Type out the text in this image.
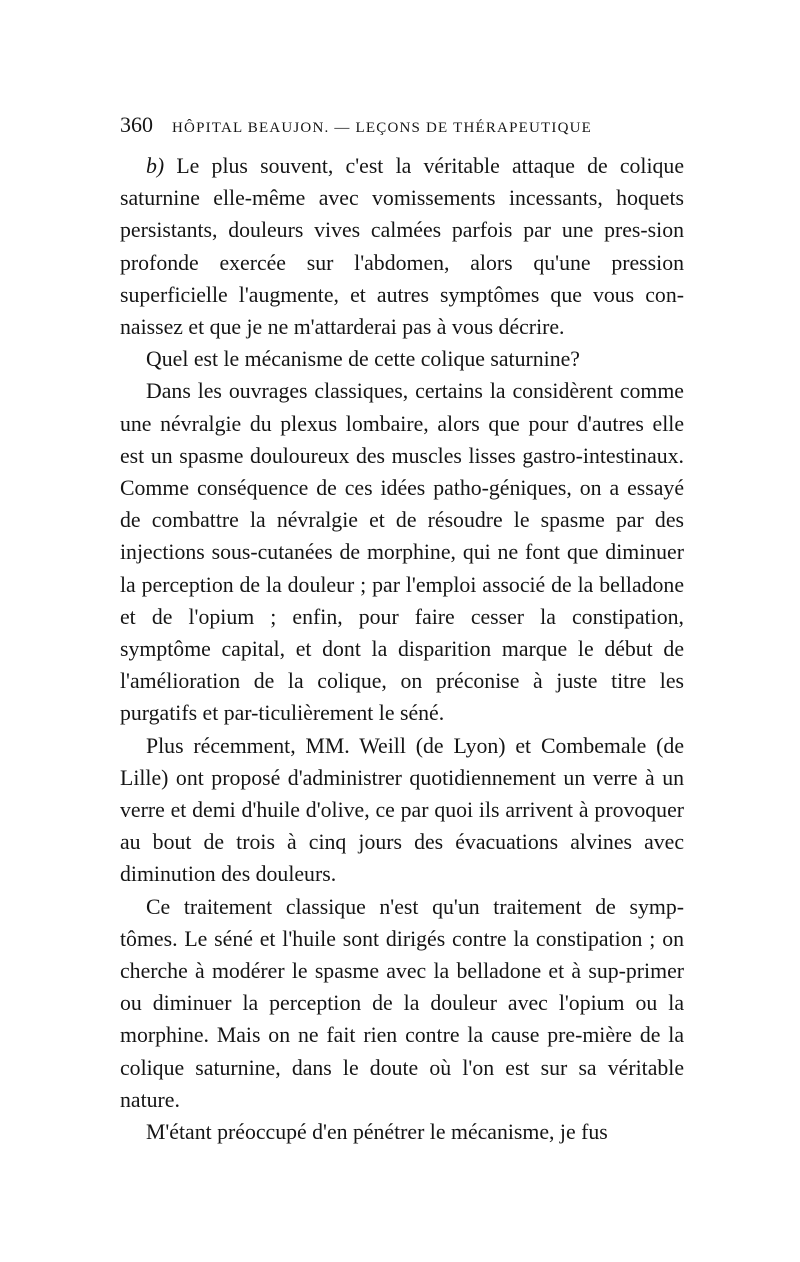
360 HÔPITAL BEAUJON. — LEÇONS DE THÉRAPEUTIQUE

b) Le plus souvent, c'est la véritable attaque de colique saturnine elle-même avec vomissements incessants, hoquets persistants, douleurs vives calmées parfois par une pres-sion profonde exercée sur l'abdomen, alors qu'une pression superficielle l'augmente, et autres symptômes que vous con-naissez et que je ne m'attarderai pas à vous décrire.

Quel est le mécanisme de cette colique saturnine?

Dans les ouvrages classiques, certains la considèrent comme une névralgie du plexus lombaire, alors que pour d'autres elle est un spasme douloureux des muscles lisses gastro-intestinaux. Comme conséquence de ces idées patho-géniques, on a essayé de combattre la névralgie et de résoudre le spasme par des injections sous-cutanées de morphine, qui ne font que diminuer la perception de la douleur ; par l'emploi associé de la belladone et de l'opium ; enfin, pour faire cesser la constipation, symptôme capital, et dont la disparition marque le début de l'amélioration de la colique, on préconise à juste titre les purgatifs et par-ticulièrement le séné.

Plus récemment, MM. Weill (de Lyon) et Combemale (de Lille) ont proposé d'administrer quotidiennement un verre à un verre et demi d'huile d'olive, ce par quoi ils arrivent à provoquer au bout de trois à cinq jours des évacuations alvines avec diminution des douleurs.

Ce traitement classique n'est qu'un traitement de symp-tômes. Le séné et l'huile sont dirigés contre la constipation ; on cherche à modérer le spasme avec la belladone et à sup-primer ou diminuer la perception de la douleur avec l'opium ou la morphine. Mais on ne fait rien contre la cause pre-mière de la colique saturnine, dans le doute où l'on est sur sa véritable nature.

M'étant préoccupé d'en pénétrer le mécanisme, je fus
